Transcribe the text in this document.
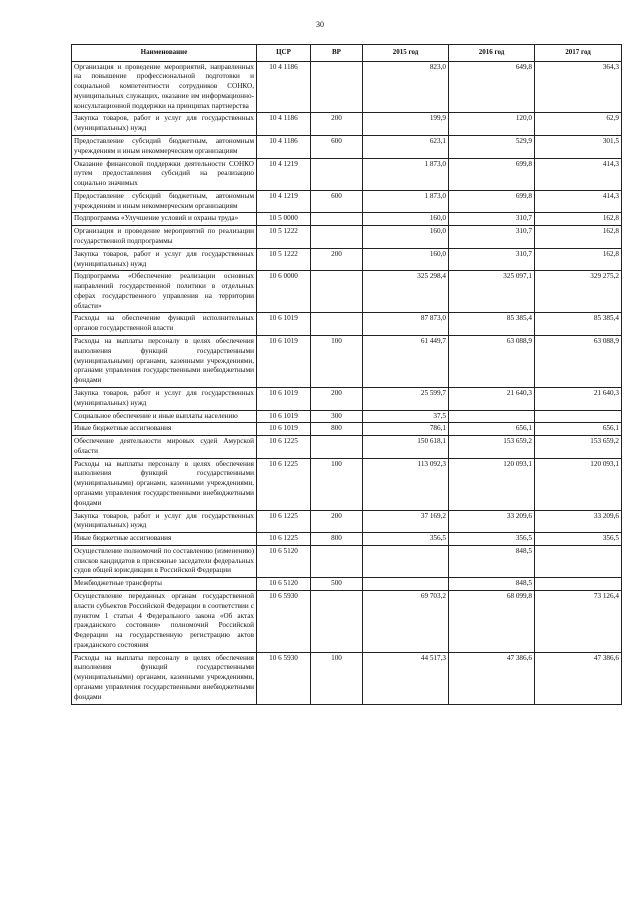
30
Наименование	ЦСР	ВР	2015 год	2016 год	2017 год
Организация и проведение мероприятий, направленных на повышение профессиональной подготовки и социальной компетентности сотрудников СОНКО, муниципальных служащих, оказание им информационно-консультационной поддержки на принципах партнерства	10 4 1186		823,0	649,8	364,3
Закупка товаров, работ и услуг для государственных (муниципальных) нужд	10 4 1186	200	199,9	120,0	62,9
Предоставление субсидий бюджетным, автономным учреждениям и иным некоммерческим организациям	10 4 1186	600	623,1	529,9	301,5
Оказание финансовой поддержки деятельности СОНКО путем предоставления субсидий на реализацию социально значимых	10 4 1219		1 873,0	699,8	414,3
Предоставление субсидий бюджетным, автономным учреждениям и иным некоммерческим организациям	10 4 1219	600	1 873,0	699,8	414,3
Подпрограмма «Улучшение условий и охраны труда»	10 5 0000		160,0	310,7	162,8
Организация и проведение мероприятий по реализации государственной подпрограммы	10 5 1222		160,0	310,7	162,8
Закупка товаров, работ и услуг для государственных (муниципальных) нужд	10 5 1222	200	160,0	310,7	162,8
Подпрограмма «Обеспечение реализации основных направлений государственной политики в отдельных сферах государственного управления на территории области»	10 6 0000		325 298,4	325 097,1	329 275,2
Расходы на обеспечение функций исполнительных органов государственной власти	10 6 1019		87 873,0	85 385,4	85 385,4
Расходы на выплаты персоналу в целях обеспечения выполнения функций государственными (муниципальными) органами, казенными учреждениями, органами управления государственными внебюджетными фондами	10 6 1019	100	61 449,7	63 088,9	63 088,9
Закупка товаров, работ и услуг для государственных (муниципальных) нужд	10 6 1019	200	25 599,7	21 640,3	21 640,3
Социальное обеспечение и иные выплаты населению	10 6 1019	300	37,5		
Иные бюджетные ассигнования	10 6 1019	800	786,1	656,1	656,1
Обеспечение деятельности мировых судей Амурской области	10 6 1225		150 618,1	153 659,2	153 659,2
Расходы на выплаты персоналу в целях обеспечения выполнения функций государственными (муниципальными) органами, казенными учреждениями, органами управления государственными внебюджетными фондами	10 6 1225	100	113 092,3	120 093,1	120 093,1
Закупка товаров, работ и услуг для государственных (муниципальных) нужд	10 6 1225	200	37 169,2	33 209,6	33 209,6
Иные бюджетные ассигнования	10 6 1225	800	356,5	356,5	356,5
Осуществление полномочий по составлению (изменению) списков кандидатов в присяжные заседатели федеральных судов общей юрисдикции в Российской Федерации	10 6 5120			848,5	
Межбюджетные трансферты	10 6 5120	500		848,5	
Осуществление переданных органам государственной власти субъектов Российской Федерации в соответствии с пунктом 1 статьи 4 Федерального закона «Об актах гражданского состояния» полномочий Российской Федерации на государственную регистрацию актов гражданского состояния	10 6 5930		69 703,2	68 099,8	73 126,4
Расходы на выплаты персоналу в целях обеспечения выполнения функций государственными (муниципальными) органами, казенными учреждениями, органами управления государственными внебюджетными фондами	10 6 5930	100	44 517,3	47 386,6	47 386,6
